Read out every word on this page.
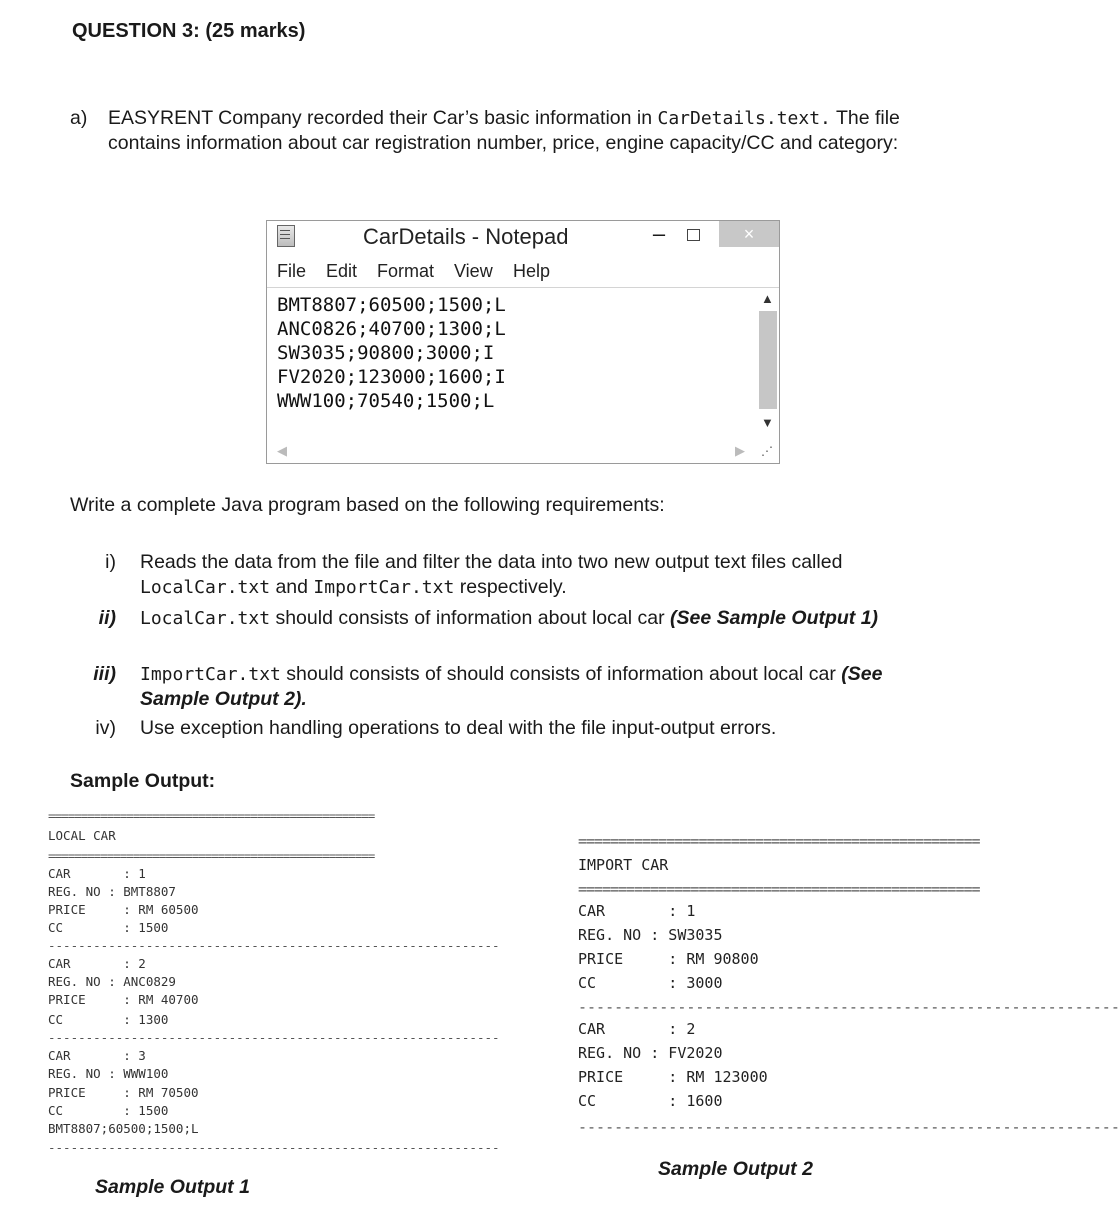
QUESTION 3: (25 marks)
a) EASYRENT Company recorded their Car’s basic information in CarDetails.text. The file contains information about car registration number, price, engine capacity/CC and category:
CarDetails - Notepad	–	×
File Edit Format View Help
BMT8807;60500;1500;L
ANC0826;40700;1300;L
SW3035;90800;3000;I
FV2020;123000;1600;I
WWW100;70540;1500;L
▲
▼
◀	▶ ⋰
Write a complete Java program based on the following requirements:
i) Reads the data from the file and filter the data into two new output text files called LocalCar.txt and ImportCar.txt respectively.
ii) LocalCar.txt should consists of information about local car (See Sample Output 1)
iii) ImportCar.txt should consists of should consists of information about local car (See Sample Output 2).
iv) Use exception handling operations to deal with the file input-output errors.
Sample Output:
==================================================
LOCAL CAR
==================================================
CAR       : 1
REG. NO : BMT8807
PRICE     : RM 60500
CC        : 1500
------------------------------------------------------------
CAR       : 2
REG. NO : ANC0829
PRICE     : RM 40700
CC        : 1300
------------------------------------------------------------
CAR       : 3
REG. NO : WWW100
PRICE     : RM 70500
CC        : 1500
BMT8807;60500;1500;L
------------------------------------------------------------
==================================================
IMPORT CAR
==================================================
CAR       : 1
REG. NO : SW3035
PRICE     : RM 90800
CC        : 3000
------------------------------------------------------------
CAR       : 2
REG. NO : FV2020
PRICE     : RM 123000
CC        : 1600
------------------------------------------------------------
Sample Output 1
Sample Output 2
